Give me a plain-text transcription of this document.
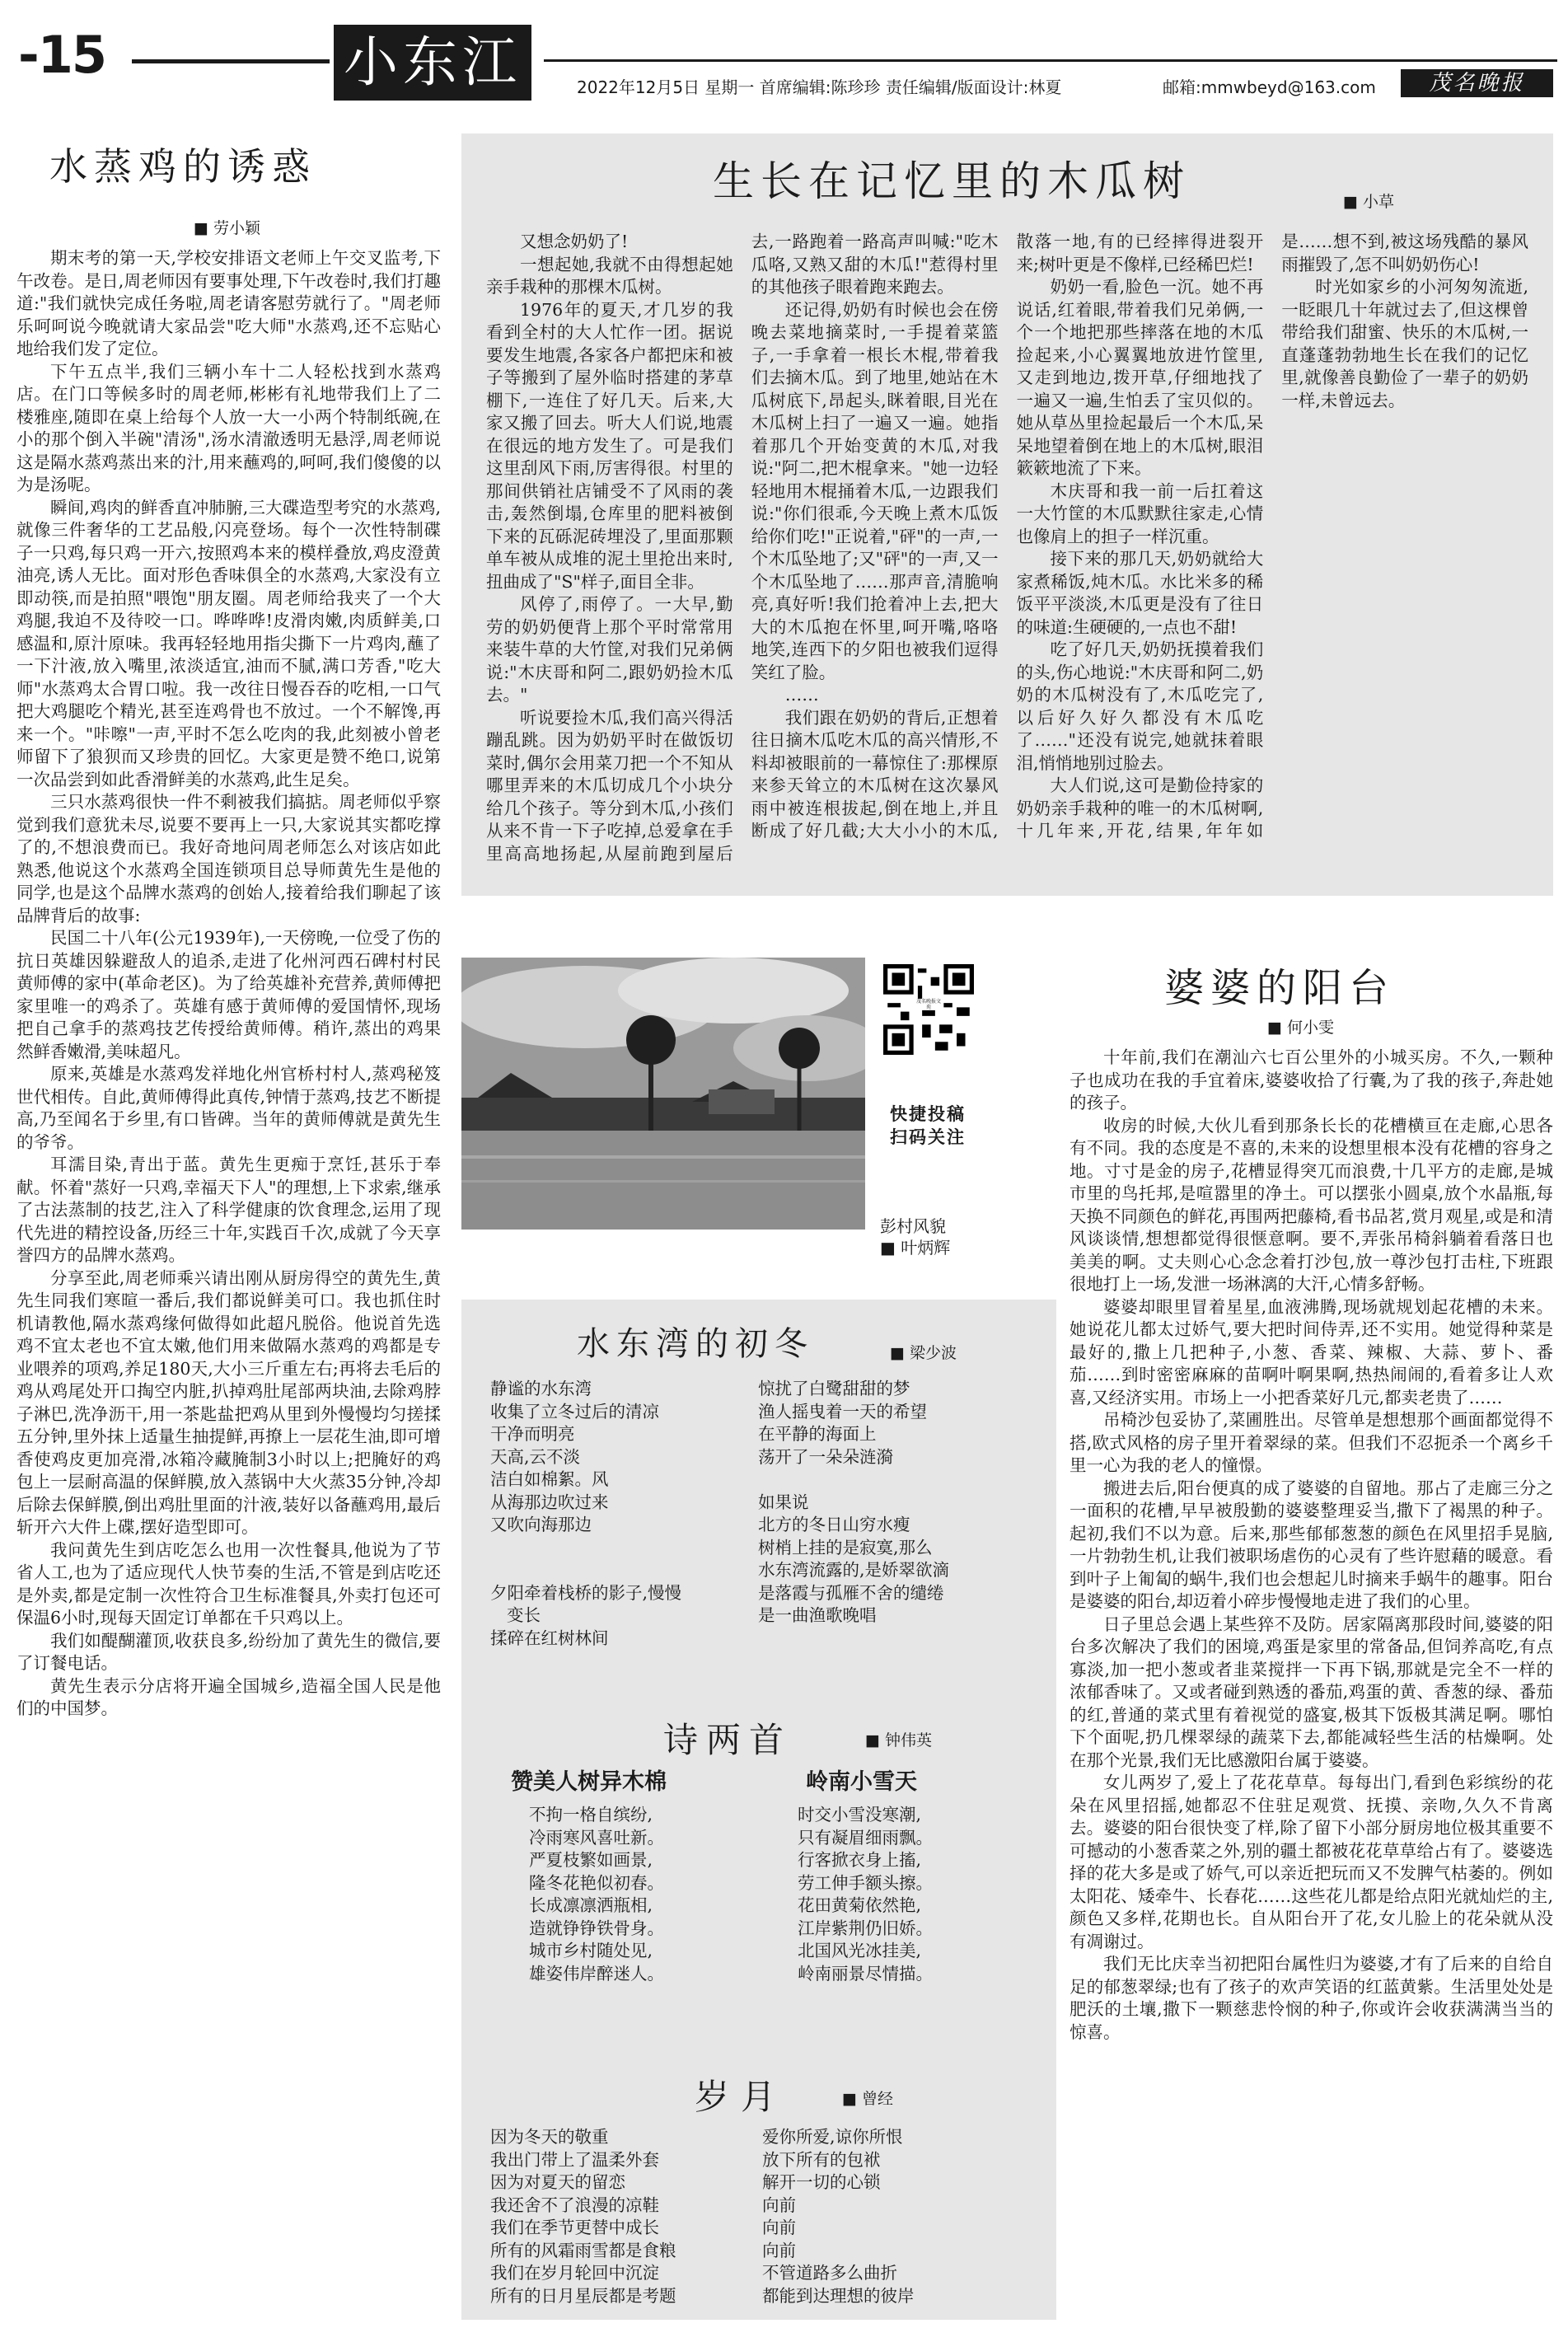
-15	小东江	2022年12月5日 星期一 首席编辑:陈珍珍 责任编辑/版面设计:林夏	邮箱:mmwbeyd@163.com	茂名晚报
水蒸鸡的诱惑
■ 劳小颖

期末考的第一天,学校安排语文老师上午交叉监考,下午改卷。是日,周老师因有要事处理,下午改卷时,我们打趣道:"我们就快完成任务啦,周老请客慰劳就行了。"周老师乐呵呵说今晚就请大家品尝"吃大师"水蒸鸡,还不忘贴心地给我们发了定位。

下午五点半,我们三辆小车十二人轻松找到水蒸鸡店。在门口等候多时的周老师,彬彬有礼地带我们上了二楼雅座,随即在桌上给每个人放一大一小两个特制纸碗,在小的那个倒入半碗"清汤",汤水清澈透明无悬浮,周老师说这是隔水蒸鸡蒸出来的汁,用来蘸鸡的,呵呵,我们傻傻的以为是汤呢。

瞬间,鸡肉的鲜香直冲肺腑,三大碟造型考究的水蒸鸡,就像三件奢华的工艺品般,闪亮登场。每个一次性特制碟子一只鸡,每只鸡一开六,按照鸡本来的模样叠放,鸡皮澄黄油亮,诱人无比。面对形色香味俱全的水蒸鸡,大家没有立即动筷,而是拍照"喂饱"朋友圈。周老师给我夹了一个大鸡腿,我迫不及待咬一口。哗哗哗!皮滑肉嫩,肉质鲜美,口感温和,原汁原味。我再轻轻地用指尖撕下一片鸡肉,蘸了一下汁液,放入嘴里,浓淡适宜,油而不腻,满口芳香,"吃大师"水蒸鸡太合胃口啦。我一改往日慢吞吞的吃相,一口气把大鸡腿吃个精光,甚至连鸡骨也不放过。一个不解馋,再来一个。"咔嚓"一声,平时不怎么吃肉的我,此刻被小曾老师留下了狼狈而又珍贵的回忆。大家更是赞不绝口,说第一次品尝到如此香滑鲜美的水蒸鸡,此生足矣。

三只水蒸鸡很快一件不剩被我们搞掂。周老师似乎察觉到我们意犹未尽,说要不要再上一只,大家说其实都吃撑了的,不想浪费而已。我好奇地问周老师怎么对该店如此熟悉,他说这个水蒸鸡全国连锁项目总导师黄先生是他的同学,也是这个品牌水蒸鸡的创始人,接着给我们聊起了该品牌背后的故事:

民国二十八年(公元1939年),一天傍晚,一位受了伤的抗日英雄因躲避敌人的追杀,走进了化州河西石碑村村民黄师傅的家中(革命老区)。为了给英雄补充营养,黄师傅把家里唯一的鸡杀了。英雄有感于黄师傅的爱国情怀,现场把自己拿手的蒸鸡技艺传授给黄师傅。稍许,蒸出的鸡果然鲜香嫩滑,美味超凡。

原来,英雄是水蒸鸡发祥地化州官桥村村人,蒸鸡秘笈世代相传。自此,黄师傅得此真传,钟情于蒸鸡,技艺不断提高,乃至闻名于乡里,有口皆碑。当年的黄师傅就是黄先生的爷爷。

耳濡目染,青出于蓝。黄先生更痴于烹饪,甚乐于奉献。怀着"蒸好一只鸡,幸福天下人"的理想,上下求索,继承了古法蒸制的技艺,注入了科学健康的饮食理念,运用了现代先进的精控设备,历经三十年,实践百千次,成就了今天享誉四方的品牌水蒸鸡。

分享至此,周老师乘兴请出刚从厨房得空的黄先生,黄先生同我们寒暄一番后,我们都说鲜美可口。我也抓住时机请教他,隔水蒸鸡缘何做得如此超凡脱俗。他说首先选鸡不宜太老也不宜太嫩,他们用来做隔水蒸鸡的鸡都是专业喂养的项鸡,养足180天,大小三斤重左右;再将去毛后的鸡从鸡尾处开口掏空内脏,扒掉鸡肚尾部两块油,去除鸡脖子淋巴,洗净沥干,用一茶匙盐把鸡从里到外慢慢均匀搓揉五分钟,里外抹上适量生抽提鲜,再撩上一层花生油,即可增香使鸡皮更加亮滑,冰箱冷藏腌制3小时以上;把腌好的鸡包上一层耐高温的保鲜膜,放入蒸锅中大火蒸35分钟,冷却后除去保鲜膜,倒出鸡肚里面的汁液,装好以备蘸鸡用,最后斩开六大件上碟,摆好造型即可。

我问黄先生到店吃怎么也用一次性餐具,他说为了节省人工,也为了适应现代人快节奏的生活,不管是到店吃还是外卖,都是定制一次性符合卫生标准餐具,外卖打包还可保温6小时,现每天固定订单都在千只鸡以上。

我们如醍醐灌顶,收获良多,纷纷加了黄先生的微信,要了订餐电话。

黄先生表示分店将开遍全国城乡,造福全国人民是他们的中国梦。

生长在记忆里的木瓜树	■ 小草

又想念奶奶了!

一想起她,我就不由得想起她亲手栽种的那棵木瓜树。

1976年的夏天,才几岁的我看到全村的大人忙作一团。据说要发生地震,各家各户都把床和被子等搬到了屋外临时搭建的茅草棚下,一连住了好几天。后来,大家又搬了回去。听大人们说,地震在很远的地方发生了。可是我们这里刮风下雨,厉害得很。村里的那间供销社店铺受不了风雨的袭击,轰然倒塌,仓库里的肥料被倒下来的瓦砾泥砖埋没了,里面那颗单车被从成堆的泥土里抢出来时,扭曲成了"S"样子,面目全非。

风停了,雨停了。一大早,勤劳的奶奶便背上那个平时常常用来装牛草的大竹筐,对我们兄弟俩说:"木庆哥和阿二,跟奶奶捡木瓜去。"

听说要捡木瓜,我们高兴得活蹦乱跳。因为奶奶平时在做饭切菜时,偶尔会用菜刀把一个不知从哪里弄来的木瓜切成几个小块分给几个孩子。等分到木瓜,小孩们从来不肯一下子吃掉,总爱拿在手里高高地扬起,从屋前跑到屋后去,一路跑着一路高声叫喊:"吃木瓜咯,又熟又甜的木瓜!"惹得村里的其他孩子眼着跑来跑去。

还记得,奶奶有时候也会在傍晚去菜地摘菜时,一手提着菜篮子,一手拿着一根长木棍,带着我们去摘木瓜。到了地里,她站在木瓜树底下,昂起头,眯着眼,目光在木瓜树上扫了一遍又一遍。她指着那几个开始变黄的木瓜,对我说:"阿二,把木棍拿来。"她一边轻轻地用木棍捅着木瓜,一边跟我们说:"你们很乖,今天晚上煮木瓜饭给你们吃!"正说着,"砰"的一声,一个木瓜坠地了;又"砰"的一声,又一个木瓜坠地了……那声音,清脆响亮,真好听!我们抢着冲上去,把大大的木瓜抱在怀里,呵开嘴,咯咯地笑,连西下的夕阳也被我们逗得笑红了脸。

……

我们跟在奶奶的背后,正想着往日摘木瓜吃木瓜的高兴情形,不料却被眼前的一幕惊住了:那棵原来参天耸立的木瓜树在这次暴风雨中被连根拔起,倒在地上,并且断成了好几截;大大小小的木瓜,散落一地,有的已经摔得进裂开来;树叶更是不像样,已经稀巴烂!

奶奶一看,脸色一沉。她不再说话,红着眼,带着我们兄弟俩,一个一个地把那些摔落在地的木瓜捡起来,小心翼翼地放进竹筐里,又走到地边,拨开草,仔细地找了一遍又一遍,生怕丢了宝贝似的。她从草丛里捡起最后一个木瓜,呆呆地望着倒在地上的木瓜树,眼泪簌簌地流了下来。

木庆哥和我一前一后扛着这一大竹筐的木瓜默默往家走,心情也像肩上的担子一样沉重。

接下来的那几天,奶奶就给大家煮稀饭,炖木瓜。水比米多的稀饭平平淡淡,木瓜更是没有了往日的味道:生硬硬的,一点也不甜!

吃了好几天,奶奶抚摸着我们的头,伤心地说:"木庆哥和阿二,奶奶的木瓜树没有了,木瓜吃完了,以后好久好久都没有木瓜吃了……"还没有说完,她就抹着眼泪,悄悄地别过脸去。

大人们说,这可是勤俭持家的奶奶亲手栽种的唯一的木瓜树啊,十几年来,开花,结果,年年如是……想不到,被这场残酷的暴风雨摧毁了,怎不叫奶奶伤心!

时光如家乡的小河匆匆流逝,一眨眼几十年就过去了,但这棵曾带给我们甜蜜、快乐的木瓜树,一直蓬蓬勃勃地生长在我们的记忆里,就像善良勤俭了一辈子的奶奶一样,未曾远去。

茂名晚报文苑
快捷投稿
扫码关注
彭村风貌
■ 叶炳辉
水东湾的初冬	■ 梁少波
静谧的水东湾
收集了立冬过后的清凉
干净而明亮
天高,云不淡
洁白如棉絮。风
从海那边吹过来
又吹向海那边
夕阳牵着栈桥的影子,慢慢
变长
揉碎在红树林间
惊扰了白鹭甜甜的梦
渔人摇曳着一天的希望
在平静的海面上
荡开了一朵朵涟漪
如果说
北方的冬日山穷水瘦
树梢上挂的是寂寞,那么
水东湾流露的,是娇翠欲滴
是落霞与孤雁不舍的缱绻
是一曲渔歌晚唱
诗两首	■ 钟伟英
赞美人树异木棉
不拘一格自缤纷,
冷雨寒风喜吐新。
严夏枝繁如画景,
隆冬花艳似初春。
长成凛凛洒瓶相,
造就铮铮铁骨身。
城市乡村随处见,
雄姿伟岸醉迷人。
岭南小雪天
时交小雪没寒潮,
只有凝眉细雨飘。
行客掀衣身上搐,
劳工伸手额头擦。
花田黄菊依然艳,
江岸紫荆仍旧娇。
北国风光冰挂美,
岭南丽景尽情描。
岁月	■ 曾经
因为冬天的敬重
我出门带上了温柔外套
因为对夏天的留恋
我还舍不了浪漫的凉鞋
我们在季节更替中成长
所有的风霜雨雪都是食粮
我们在岁月轮回中沉淀
所有的日月星辰都是考题
爱你所爱,谅你所恨
放下所有的包袱
解开一切的心锁
向前
向前
向前
不管道路多么曲折
都能到达理想的彼岸
婆婆的阳台
■ 何小雯

十年前,我们在潮汕六七百公里外的小城买房。不久,一颗种子也成功在我的手宜着床,婆婆收拾了行囊,为了我的孩子,奔赴她的孩子。

收房的时候,大伙儿看到那条长长的花槽横亘在走廊,心思各有不同。我的态度是不喜的,未来的设想里根本没有花槽的容身之地。寸寸是金的房子,花槽显得突兀而浪费,十几平方的走廊,是城市里的鸟托邦,是喧嚣里的净土。可以摆张小圆桌,放个水晶瓶,每天换不同颜色的鲜花,再围两把藤椅,看书品茗,赏月观星,或是和清风谈谈情,想想都觉得很惬意啊。要不,弄张吊椅斜躺着看落日也美美的啊。丈夫则心心念念着打沙包,放一尊沙包打击柱,下班跟很地打上一场,发泄一场淋漓的大汗,心情多舒畅。

婆婆却眼里冒着星星,血液沸腾,现场就规划起花槽的未来。她说花儿都太过娇气,要大把时间侍弄,还不实用。她觉得种菜是最好的,撒上几把种子,小葱、香菜、辣椒、大蒜、萝卜、番茄……到时密密麻麻的苗啊叶啊果啊,热热闹闹的,看着多让人欢喜,又经济实用。市场上一小把香菜好几元,都卖老贵了……

吊椅沙包妥协了,菜圃胜出。尽管单是想想那个画面都觉得不搭,欧式风格的房子里开着翠绿的菜。但我们不忍扼杀一个离乡千里一心为我的老人的憧憬。

搬进去后,阳台便真的成了婆婆的自留地。那占了走廊三分之一面积的花槽,早早被殷勤的婆婆整理妥当,撒下了褐黑的种子。起初,我们不以为意。后来,那些郁郁葱葱的颜色在风里招手晃脑,一片勃勃生机,让我们被职场虐伤的心灵有了些许慰藉的暖意。看到叶子上匍匐的蜗牛,我们也会想起儿时摘来手蜗牛的趣事。阳台是婆婆的阳台,却迈着小碎步慢慢地走进了我们的心里。

日子里总会遇上某些猝不及防。居家隔离那段时间,婆婆的阳台多次解决了我们的困境,鸡蛋是家里的常备品,但饲养高吃,有点寡淡,加一把小葱或者韭菜搅拌一下再下锅,那就是完全不一样的浓郁香味了。又或者碰到熟透的番茄,鸡蛋的黄、香葱的绿、番茄的红,普通的菜式里有着视觉的盛宴,极其下饭极其满足啊。哪怕下个面呢,扔几棵翠绿的蔬菜下去,都能减轻些生活的枯燥啊。处在那个光景,我们无比感激阳台属于婆婆。

女儿两岁了,爱上了花花草草。每每出门,看到色彩缤纷的花朵在风里招摇,她都忍不住驻足观赏、抚摸、亲吻,久久不肯离去。婆婆的阳台很快变了样,除了留下小部分厨房地位极其重要不可撼动的小葱香菜之外,别的疆土都被花花草草给占有了。婆婆选择的花大多是或了娇气,可以亲近把玩而又不发脾气枯萎的。例如太阳花、矮牵牛、长春花……这些花儿都是给点阳光就灿烂的主,颜色又多样,花期也长。自从阳台开了花,女儿脸上的花朵就从没有凋谢过。

我们无比庆幸当初把阳台属性归为婆婆,才有了后来的自给自足的郁葱翠绿;也有了孩子的欢声笑语的红蓝黄紫。生活里处处是肥沃的土壤,撒下一颗慈悲怜悯的种子,你或许会收获满满当当的惊喜。
